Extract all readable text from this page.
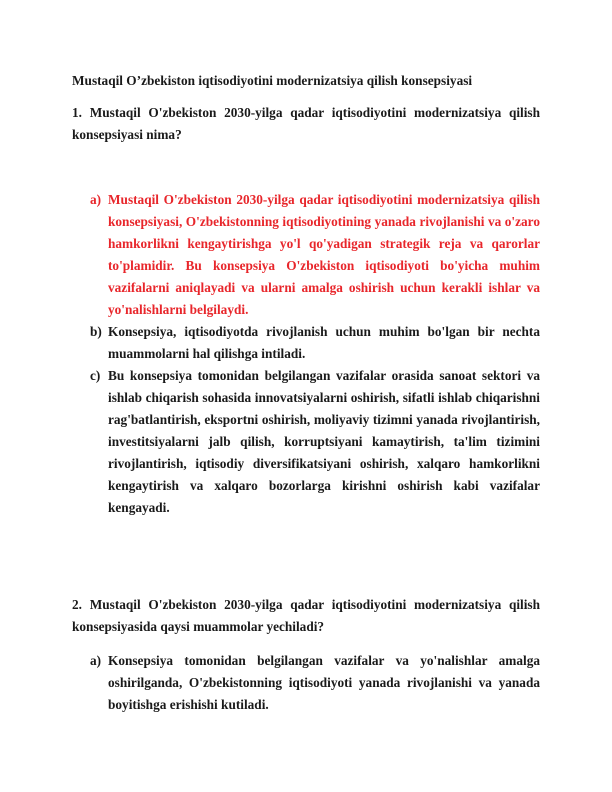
Mustaqil O’zbekiston iqtisodiyotini modernizatsiya qilish konsepsiyasi
1. Mustaqil O'zbekiston 2030-yilga qadar iqtisodiyotini modernizatsiya qilish konsepsiyasi nima?
a) Mustaqil O'zbekiston 2030-yilga qadar iqtisodiyotini modernizatsiya qilish konsepsiyasi, O'zbekistonning iqtisodiyotining yanada rivojlanishi va o'zaro hamkorlikni kengaytirishga yo'l qo'yadigan strategik reja va qarorlar to'plamidir. Bu konsepsiya O'zbekiston iqtisodiyoti bo'yicha muhim vazifalarni aniqlayadi va ularni amalga oshirish uchun kerakli ishlar va yo'nalishlarni belgilaydi.
b) Konsepsiya, iqtisodiyotda rivojlanish uchun muhim bo'lgan bir nechta muammolarni hal qilishga intiladi.
c) Bu konsepsiya tomonidan belgilangan vazifalar orasida sanoat sektori va ishlab chiqarish sohasida innovatsiyalarni oshirish, sifatli ishlab chiqarishni rag'batlantirish, eksportni oshirish, moliyaviy tizimni yanada rivojlantirish, investitsiyalarni jalb qilish, korruptsiyani kamaytirish, ta'lim tizimini rivojlantirish, iqtisodiy diversifikatsiyani oshirish, xalqaro hamkorlikni kengaytirish va xalqaro bozorlarga kirishni oshirish kabi vazifalar kengayadi.
2. Mustaqil O'zbekiston 2030-yilga qadar iqtisodiyotini modernizatsiya qilish konsepsiyasida qaysi muammolar yechiladi?
a) Konsepsiya tomonidan belgilangan vazifalar va yo'nalishlar amalga oshirilganda, O'zbekistonning iqtisodiyoti yanada rivojlanishi va yanada boyitishga erishishi kutiladi.
